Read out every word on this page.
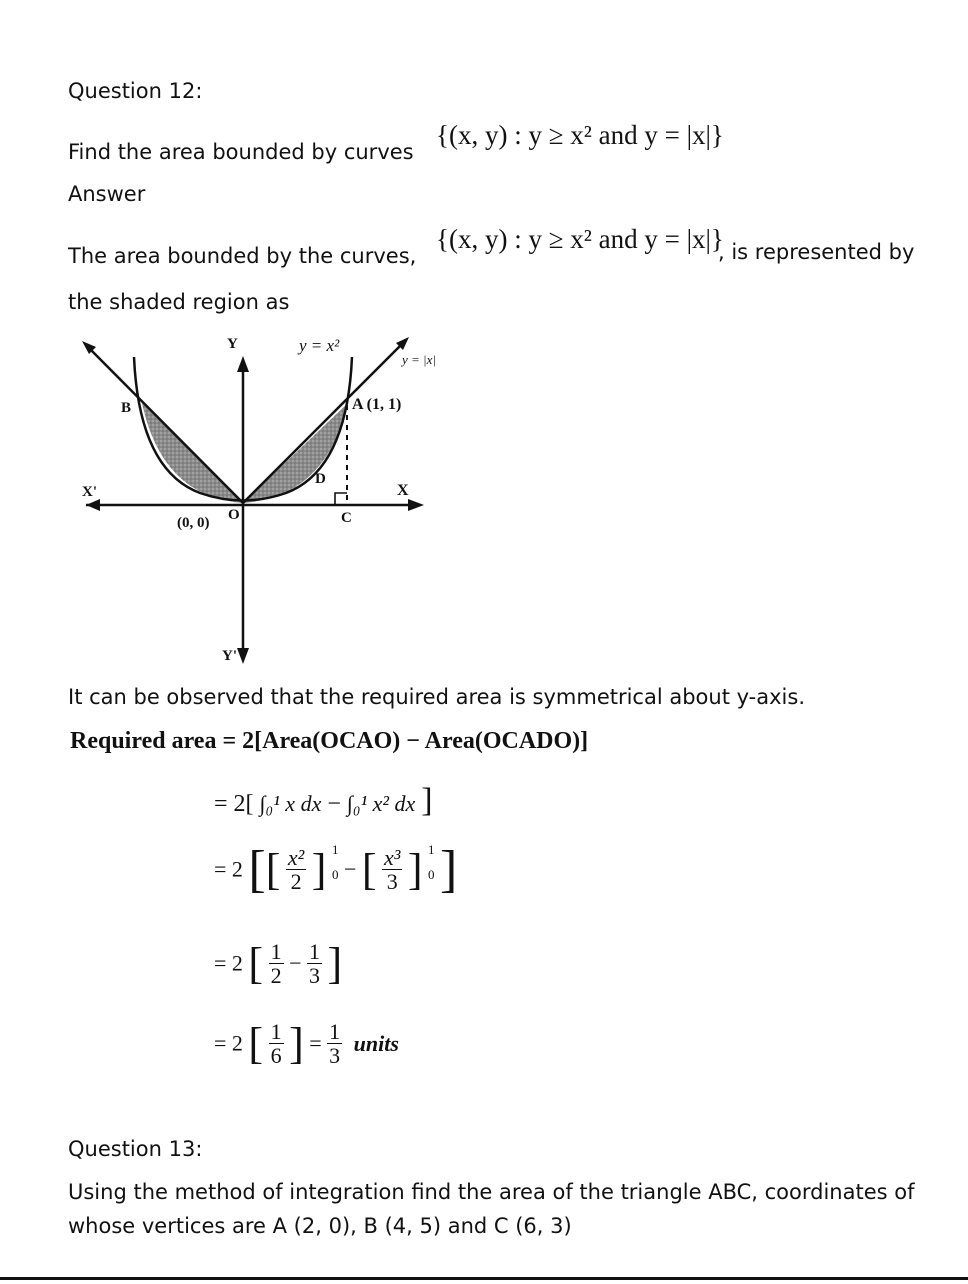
Question 12:
Find the area bounded by curves
{(x, y) : y ≥ x² and y = |x|}
Answer
The area bounded by the curves,
{(x, y) : y ≥ x² and y = |x|}
, is represented by
the shaded region as
Y
Y'
X
X'
y = x²
y = |x|
B	A (1, 1)
D
C
O
(0, 0)
It can be observed that the required area is symmetrical about y-axis.
Required area = 2[Area(OCAO) − Area(OCADO)]
= 2[ ∫₀¹ x dx − ∫₀¹ x² dx ]
= 2 [[ $\frac{\text{x²}}{2}$ ] 1
0 − [ $\frac{\text{x³}}{3}$ ] 1
0 ]
= 2 [ $\frac{1}{2} - \frac{1}{3}$ ]
= 2 [ $\frac{1}{6}$ ] = $\frac{1}{3}$ units
Question 13:
Using the method of integration find the area of the triangle ABC, coordinates of
whose vertices are A (2, 0), B (4, 5) and C (6, 3)
